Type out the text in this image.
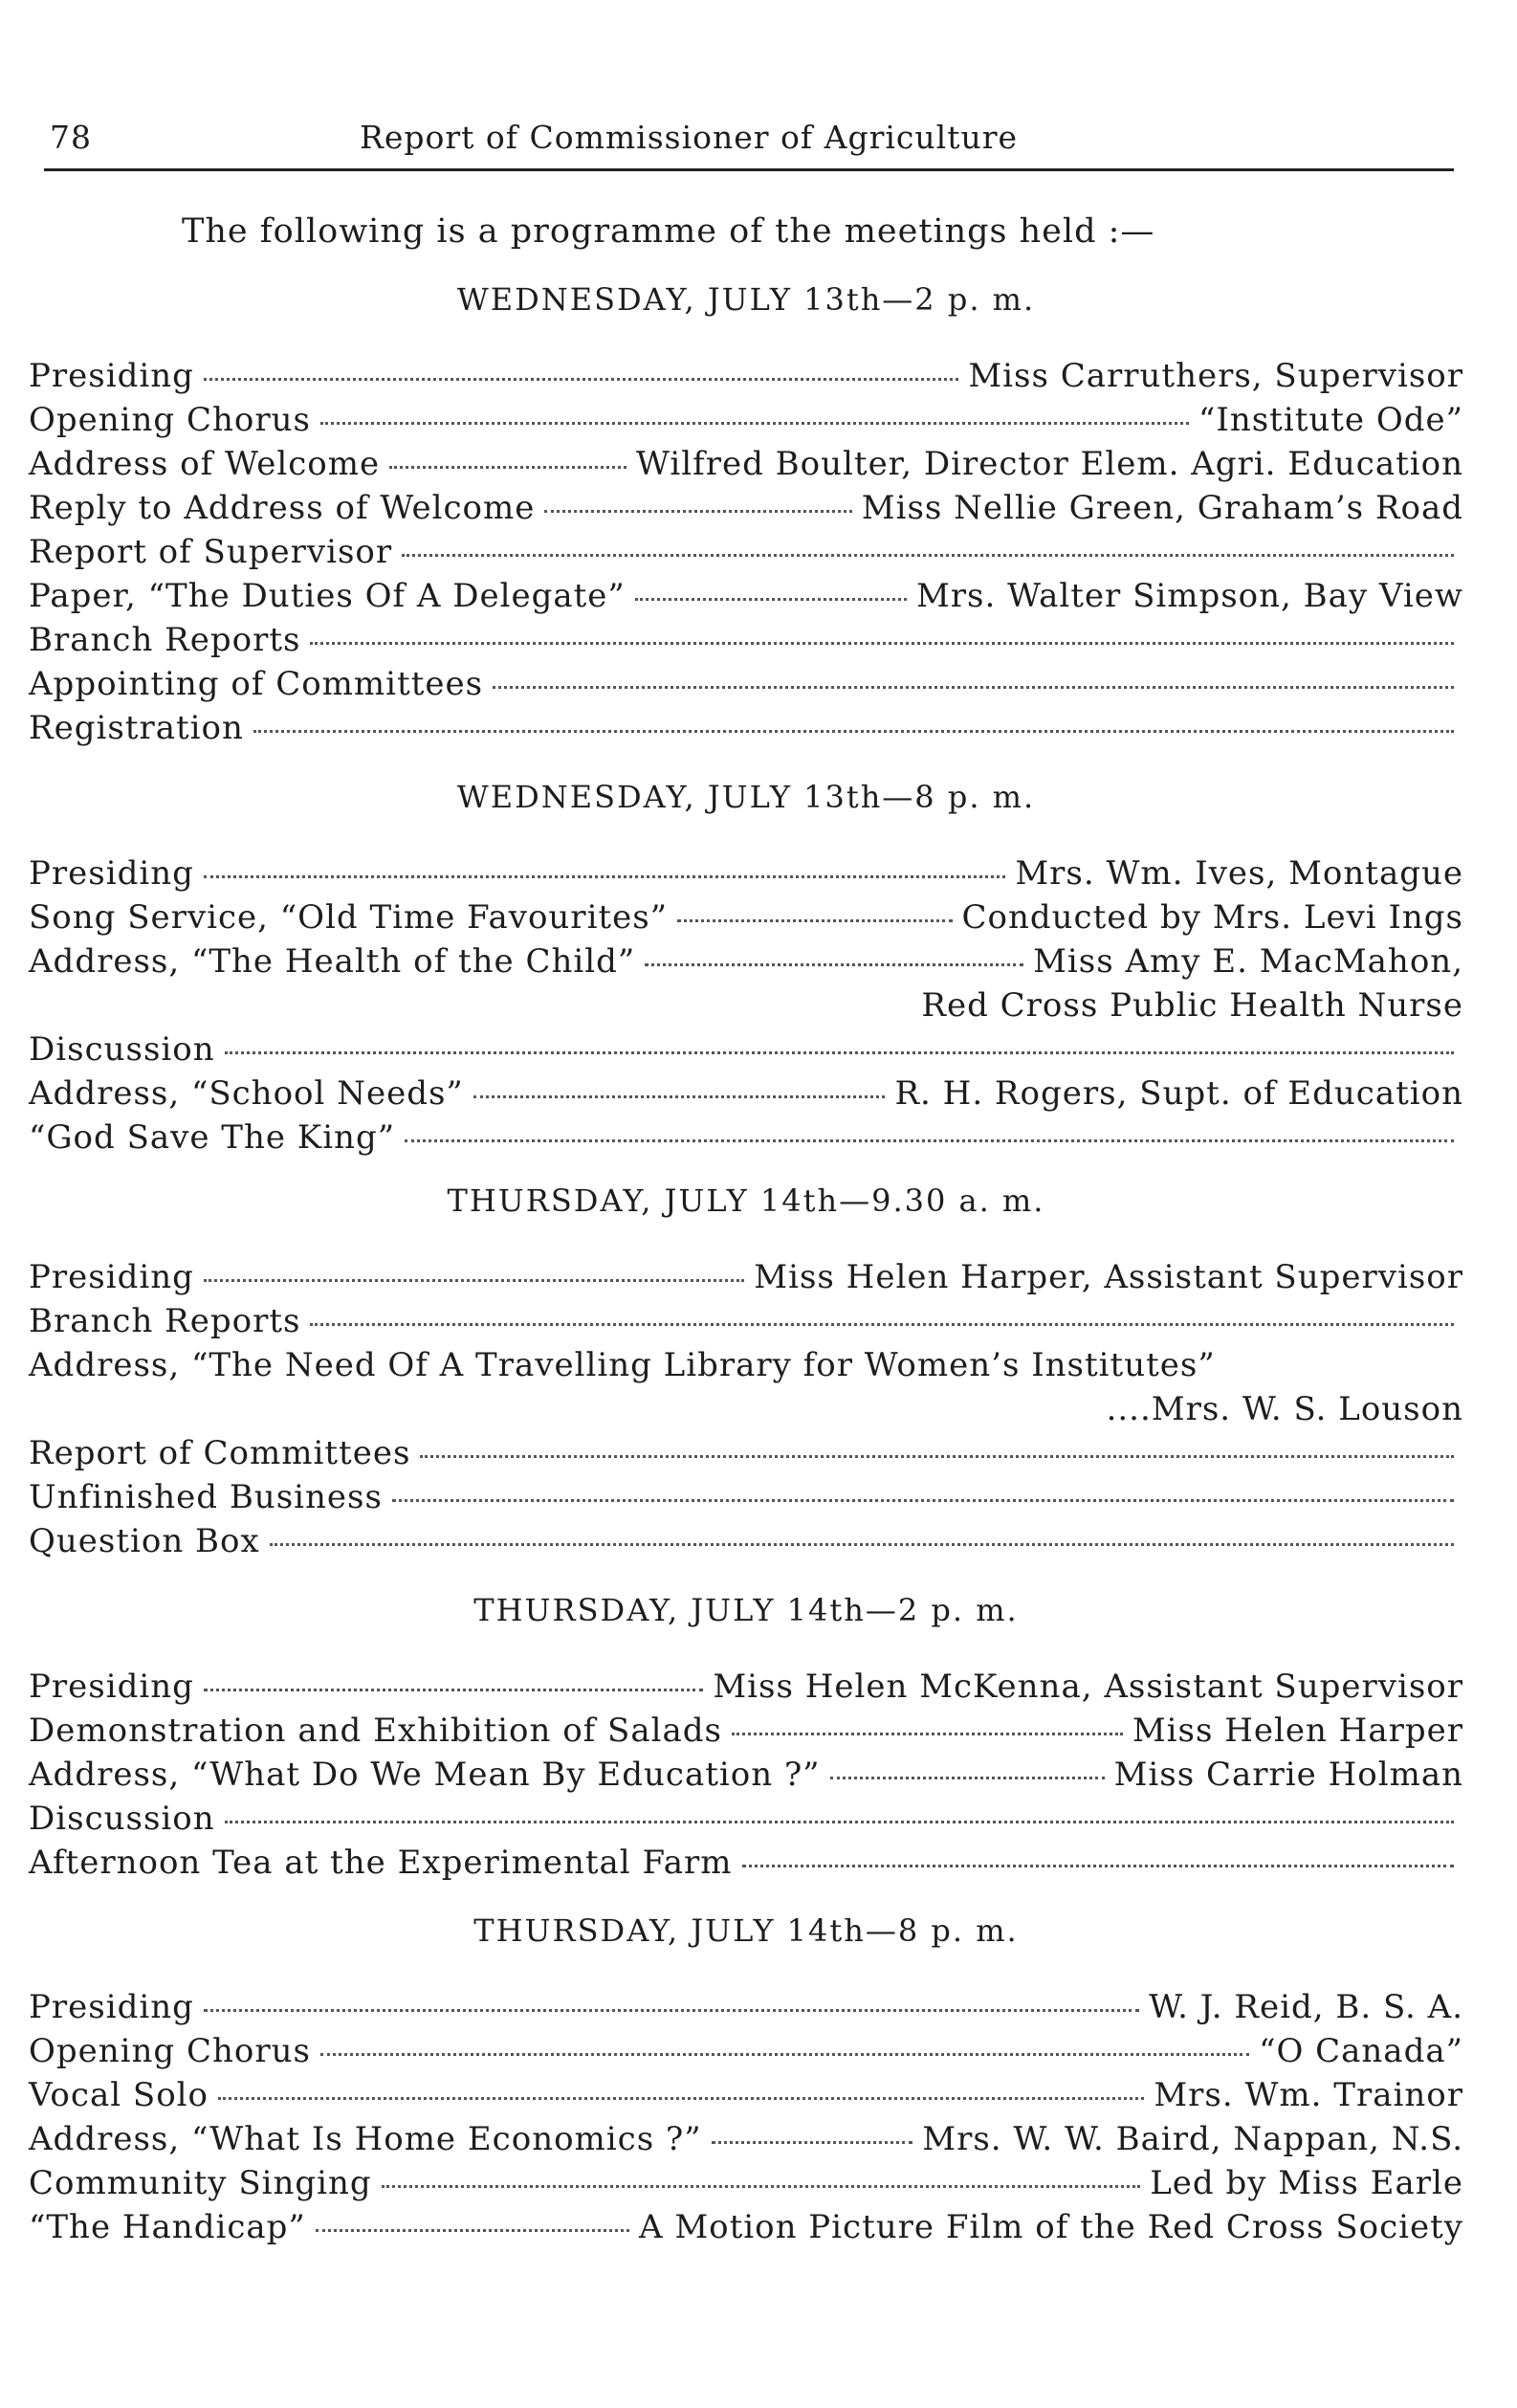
78	Report of Commissioner of Agriculture
The following is a programme of the meetings held :—
WEDNESDAY, JULY 13th—2 p. m.
Presiding	Miss Carruthers, Supervisor
Opening Chorus	“Institute Ode”
Address of Welcome	Wilfred Boulter, Director Elem. Agri. Education
Reply to Address of Welcome	Miss Nellie Green, Graham’s Road
Report of Supervisor
Paper, “The Duties Of A Delegate”	Mrs. Walter Simpson, Bay View
Branch Reports
Appointing of Committees
Registration
WEDNESDAY, JULY 13th—8 p. m.
Presiding	Mrs. Wm. Ives, Montague
Song Service, “Old Time Favourites”	Conducted by Mrs. Levi Ings
Address, “The Health of the Child”	Miss Amy E. MacMahon,
Red Cross Public Health Nurse
Discussion
Address, “School Needs”	R. H. Rogers, Supt. of Education
“God Save The King”
THURSDAY, JULY 14th—9.30 a. m.
Presiding	Miss Helen Harper, Assistant Supervisor
Branch Reports
Address, “The Need Of A Travelling Library for Women’s Institutes”
....Mrs. W. S. Louson
Report of Committees
Unfinished Business
Question Box
THURSDAY, JULY 14th—2 p. m.
Presiding	Miss Helen McKenna, Assistant Supervisor
Demonstration and Exhibition of Salads	Miss Helen Harper
Address, “What Do We Mean By Education ?”	Miss Carrie Holman
Discussion
Afternoon Tea at the Experimental Farm
THURSDAY, JULY 14th—8 p. m.
Presiding	W. J. Reid, B. S. A.
Opening Chorus	“O Canada”
Vocal Solo	Mrs. Wm. Trainor
Address, “What Is Home Economics ?”	Mrs. W. W. Baird, Nappan, N.S.
Community Singing	Led by Miss Earle
“The Handicap”	A Motion Picture Film of the Red Cross Society
